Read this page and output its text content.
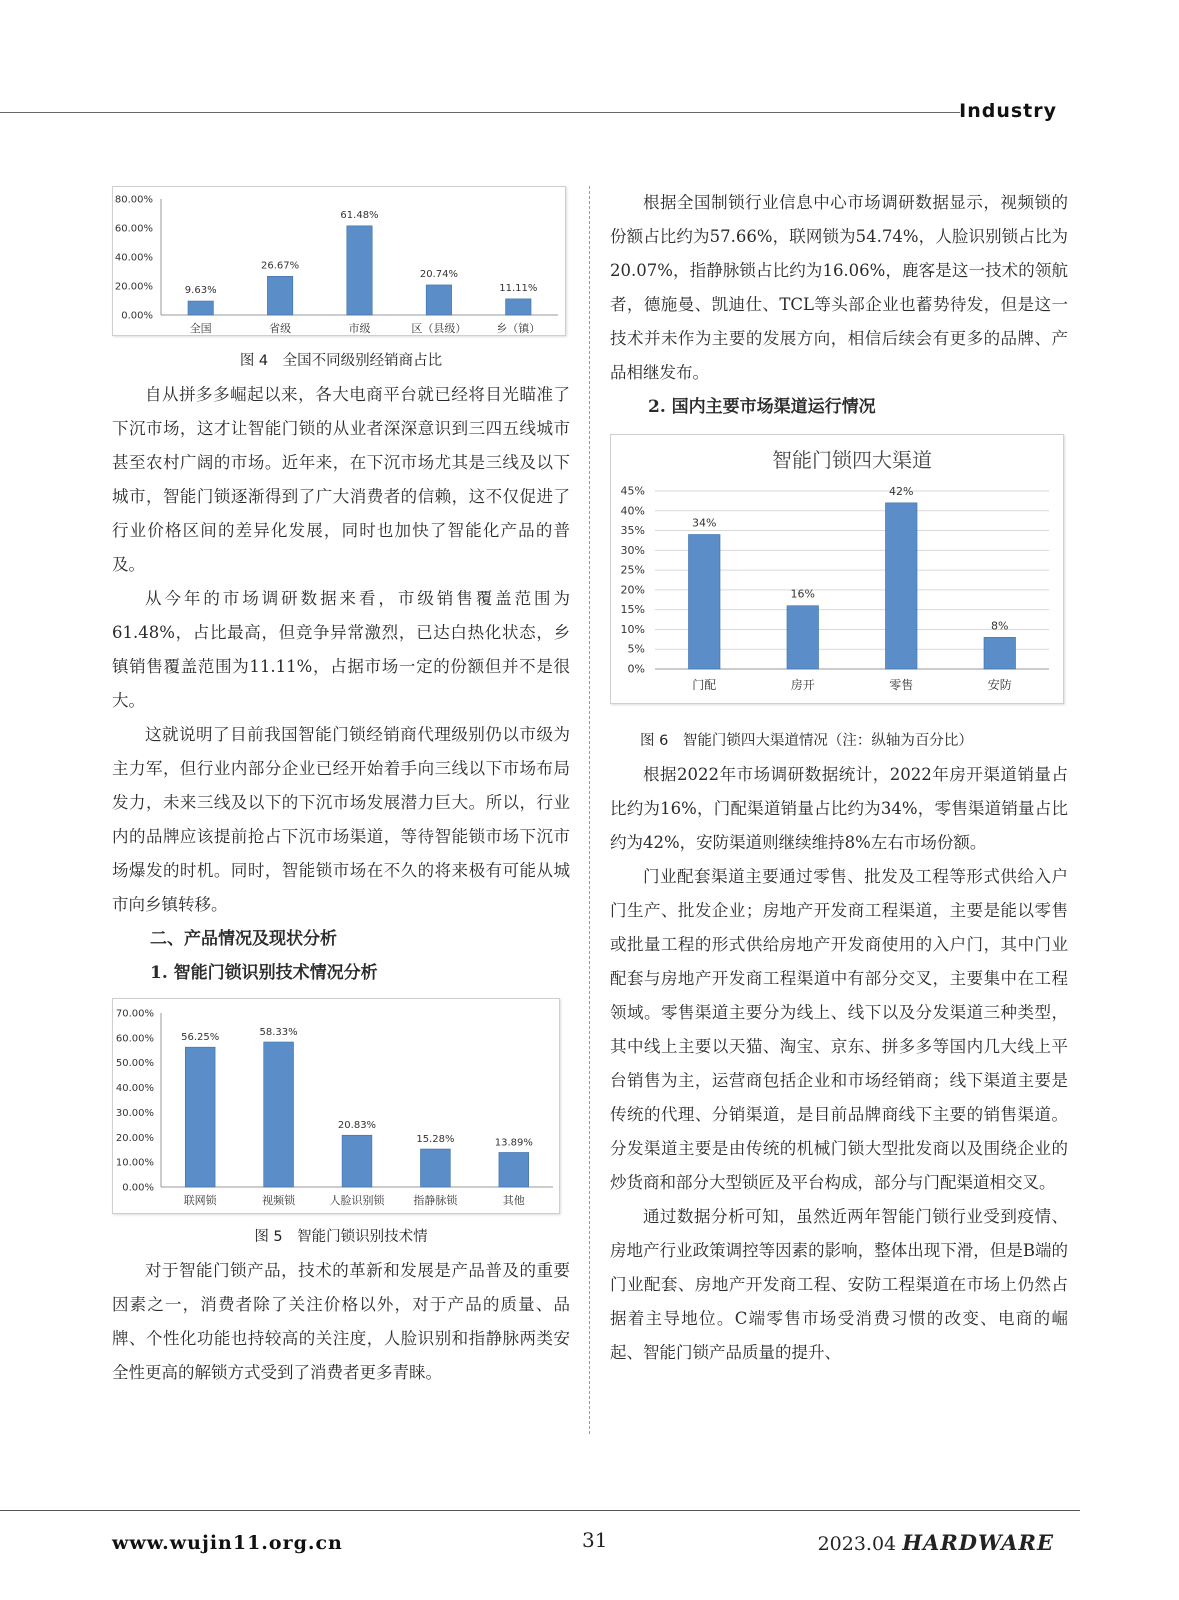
Industry
0.00%
20.00%
40.00%
60.00%
80.00%
9.63%
全国
26.67%
省级
61.48%
市级
20.74%
区（县级）
11.11%
乡（镇）

图 4　全国不同级别经销商占比

自从拼多多崛起以来，各大电商平台就已经将目光瞄准了下沉市场，这才让智能门锁的从业者深深意识到三四五线城市甚至农村广阔的市场。近年来，在下沉市场尤其是三线及以下城市，智能门锁逐渐得到了广大消费者的信赖，这不仅促进了行业价格区间的差异化发展，同时也加快了智能化产品的普及。

从今年的市场调研数据来看，市级销售覆盖范围为61.48%，占比最高，但竞争异常激烈，已达白热化状态，乡镇销售覆盖范围为11.11%，占据市场一定的份额但并不是很大。

这就说明了目前我国智能门锁经销商代理级别仍以市级为主力军，但行业内部分企业已经开始着手向三线以下市场布局发力，未来三线及以下的下沉市场发展潜力巨大。所以，行业内的品牌应该提前抢占下沉市场渠道，等待智能锁市场下沉市场爆发的时机。同时，智能锁市场在不久的将来极有可能从城市向乡镇转移。

二、产品情况及现状分析

1. 智能门锁识别技术情况分析

0.00%
10.00%
20.00%
30.00%
40.00%
50.00%
60.00%
70.00%
56.25%
联网锁
58.33%
视频锁
20.83%
人脸识别锁
15.28%
指静脉锁
13.89%
其他

图 5　智能门锁识别技术情

对于智能门锁产品，技术的革新和发展是产品普及的重要因素之一，消费者除了关注价格以外，对于产品的质量、品牌、个性化功能也持较高的关注度，人脸识别和指静脉两类安全性更高的解锁方式受到了消费者更多青睐。

根据全国制锁行业信息中心市场调研数据显示，视频锁的份额占比约为57.66%，联网锁为54.74%，人脸识别锁占比为20.07%，指静脉锁占比约为16.06%，鹿客是这一技术的领航者，德施曼、凯迪仕、TCL等头部企业也蓄势待发，但是这一技术并未作为主要的发展方向，相信后续会有更多的品牌、产品相继发布。

2. 国内主要市场渠道运行情况

智能门锁四大渠道
0%
5%
10%
15%
20%
25%
30%
35%
40%
45%
34%
门配
16%
房开
42%
零售
8%
安防

图 6　智能门锁四大渠道情况（注：纵轴为百分比）

根据2022年市场调研数据统计，2022年房开渠道销量占比约为16%，门配渠道销量占比约为34%，零售渠道销量占比约为42%，安防渠道则继续维持8%左右市场份额。

门业配套渠道主要通过零售、批发及工程等形式供给入户门生产、批发企业；房地产开发商工程渠道，主要是能以零售或批量工程的形式供给房地产开发商使用的入户门，其中门业配套与房地产开发商工程渠道中有部分交叉，主要集中在工程领域。零售渠道主要分为线上、线下以及分发渠道三种类型，其中线上主要以天猫、淘宝、京东、拼多多等国内几大线上平台销售为主，运营商包括企业和市场经销商；线下渠道主要是传统的代理、分销渠道，是目前品牌商线下主要的销售渠道。分发渠道主要是由传统的机械门锁大型批发商以及围绕企业的炒货商和部分大型锁匠及平台构成，部分与门配渠道相交叉。

通过数据分析可知，虽然近两年智能门锁行业受到疫情、房地产行业政策调控等因素的影响，整体出现下滑，但是B端的门业配套、房地产开发商工程、安防工程渠道在市场上仍然占据着主导地位。C端零售市场受消费习惯的改变、电商的崛起、智能门锁产品质量的提升、

www.wujin11.org.cn	31	2023.04 HARDWARE
